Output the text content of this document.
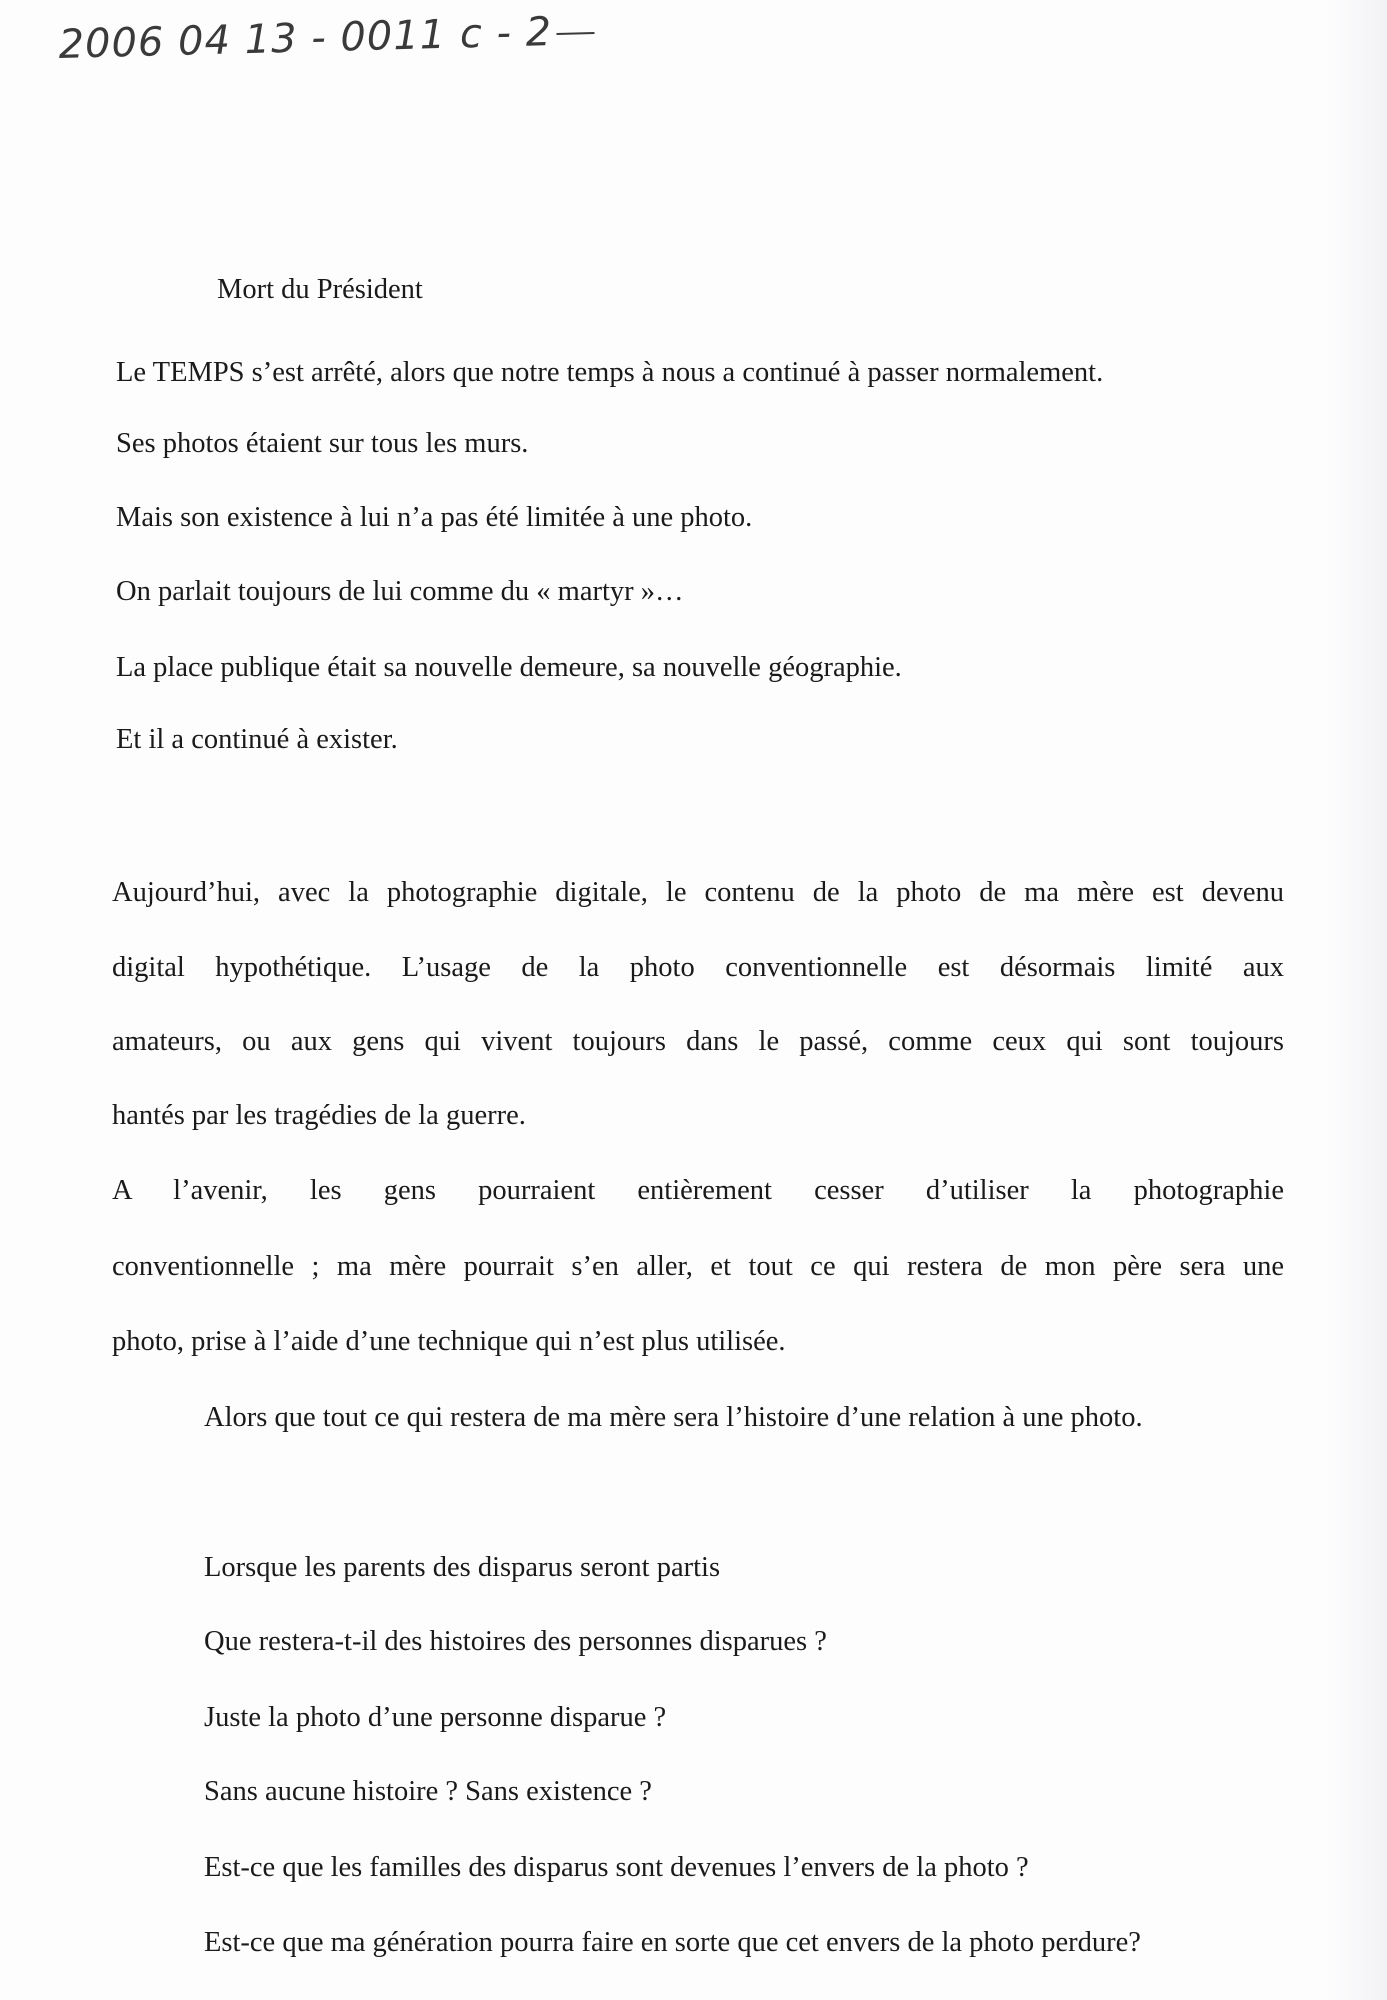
2006 04 13 - 0011 c - 2
Mort du Président
Le TEMPS s’est arrêté, alors que notre temps à nous a continué à passer normalement.
Ses photos étaient sur tous les murs.
Mais son existence à lui n’a pas été limitée à une photo.
On parlait toujours de lui comme du « martyr »…
La place publique était sa nouvelle demeure, sa nouvelle géographie.
Et il a continué à exister.
Aujourd’hui, avec la photographie digitale, le contenu de la photo de ma mère est devenu
digital hypothétique. L’usage de la photo conventionnelle est désormais limité aux
amateurs, ou aux gens qui vivent toujours dans le passé, comme ceux qui sont toujours
hantés par les tragédies de la guerre.
A l’avenir, les gens pourraient entièrement cesser d’utiliser la photographie
conventionnelle ; ma mère pourrait s’en aller, et tout ce qui restera de mon père sera une
photo, prise à l’aide d’une technique qui n’est plus utilisée.
Alors que tout ce qui restera de ma mère sera l’histoire d’une relation à une photo.
Lorsque les parents des disparus seront partis
Que restera-t-il des histoires des personnes disparues ?
Juste la photo d’une personne disparue ?
Sans aucune histoire ? Sans existence ?
Est-ce que les familles des disparus sont devenues l’envers de la photo ?
Est-ce que ma génération pourra faire en sorte que cet envers de la photo perdure?
